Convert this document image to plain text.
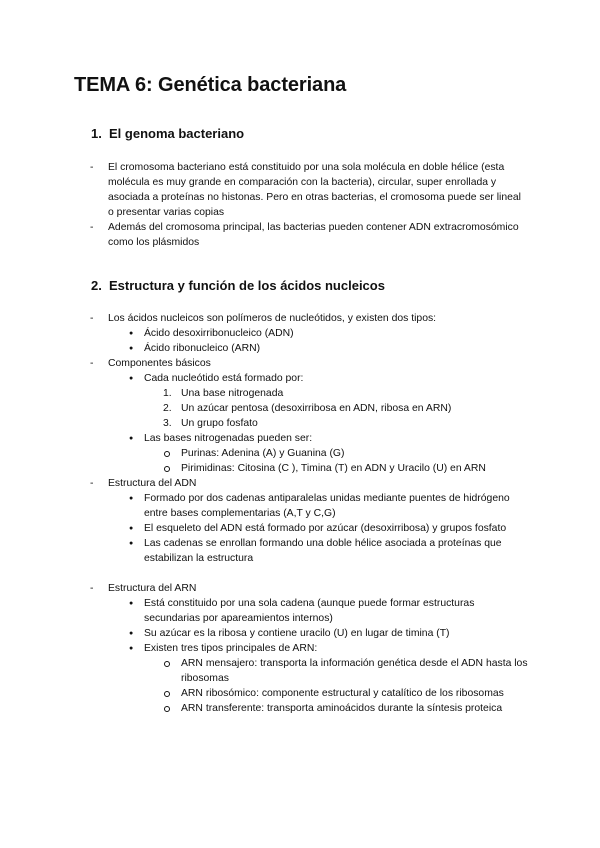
TEMA 6: Genética bacteriana
1. El genoma bacteriano
- El cromosoma bacteriano está constituido por una sola molécula en doble hélice (esta molécula es muy grande en comparación con la bacteria), circular, super enrollada y asociada a proteínas no histonas. Pero en otras bacterias, el cromosoma puede ser lineal o presentar varias copias
- Además del cromosoma principal, las bacterias pueden contener ADN extracromosómico como los plásmidos
2. Estructura y función de los ácidos nucleicos
- Los ácidos nucleicos son polímeros de nucleótidos, y existen dos tipos:
● Ácido desoxirribonucleico (ADN)
● Ácido ribonucleico (ARN)
- Componentes básicos
● Cada nucleótido está formado por:
1. Una base nitrogenada
2. Un azúcar pentosa (desoxirribosa en ADN, ribosa en ARN)
3. Un grupo fosfato
● Las bases nitrogenadas pueden ser:
Purinas: Adenina (A) y Guanina (G)
Pirimidinas: Citosina (C ), Timina (T) en ADN y Uracilo (U) en ARN
- Estructura del ADN
● Formado por dos cadenas antiparalelas unidas mediante puentes de hidrógeno entre bases complementarias (A,T y C,G)
● El esqueleto del ADN está formado por azúcar (desoxirribosa) y grupos fosfato
● Las cadenas se enrollan formando una doble hélice asociada a proteínas que estabilizan la estructura
- Estructura del ARN
● Está constituido por una sola cadena (aunque puede formar estructuras secundarias por apareamientos internos)
● Su azúcar es la ribosa y contiene uracilo (U) en lugar de timina (T)
● Existen tres tipos principales de ARN:
ARN mensajero: transporta la información genética desde el ADN hasta los ribosomas
ARN ribosómico: componente estructural y catalítico de los ribosomas
ARN transferente: transporta aminoácidos durante la síntesis proteica
